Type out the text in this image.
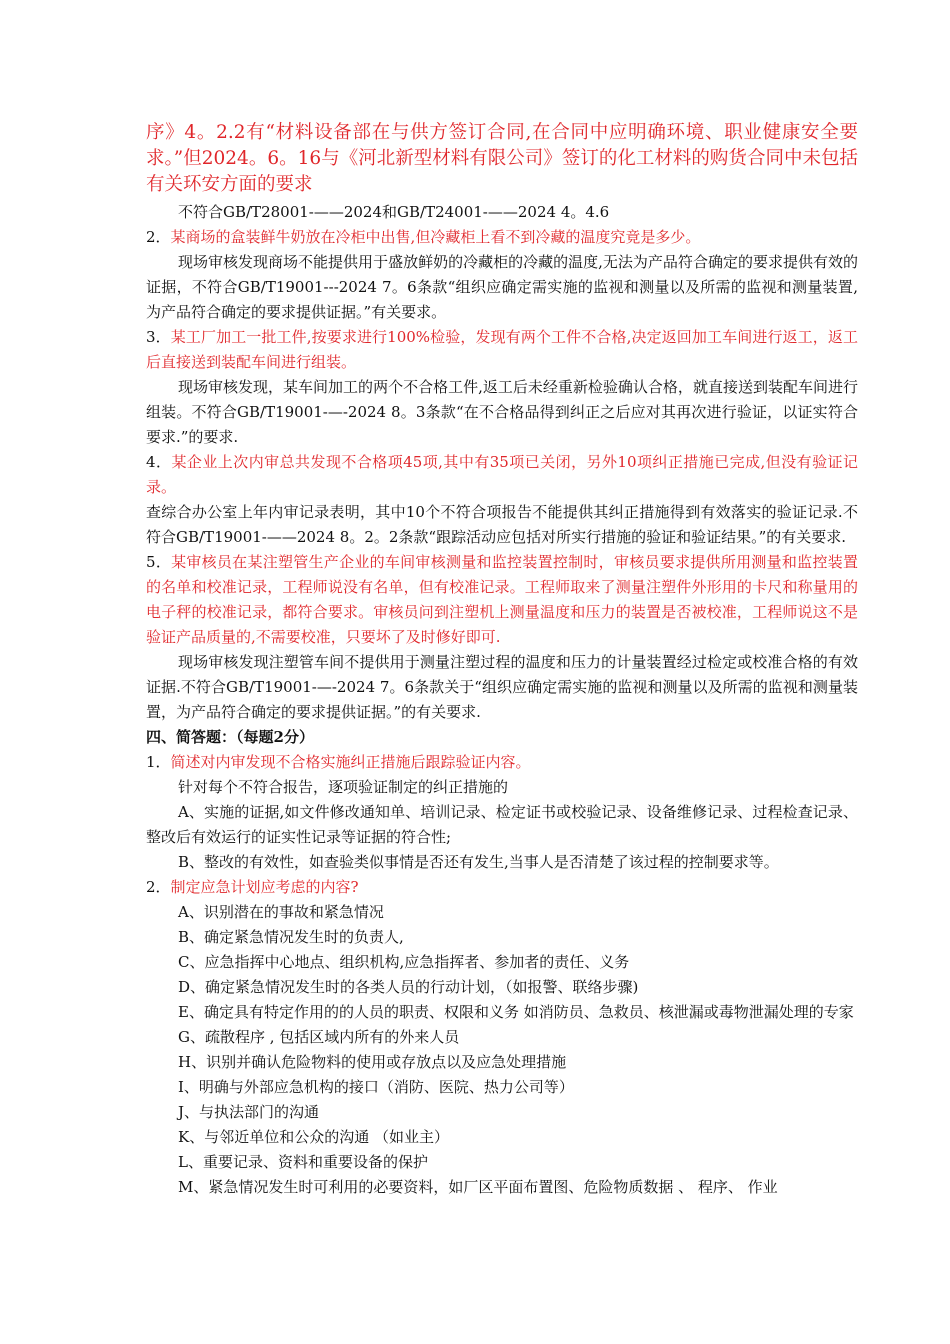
序》4。2.2有“材料设备部在与供方签订合同,在合同中应明确环境、职业健康安全要求。”但2024。6。16与《河北新型材料有限公司》签订的化工材料的购货合同中未包括有关环安方面的要求

不符合GB/T28001-——2024和GB/T24001-——2024 4。4.6

2．某商场的盒装鲜牛奶放在冷柜中出售,但冷藏柜上看不到冷藏的温度究竟是多少。

现场审核发现商场不能提供用于盛放鲜奶的冷藏柜的冷藏的温度,无法为产品符合确定的要求提供有效的证据，不符合GB/T19001---2024 7。6条款“组织应确定需实施的监视和测量以及所需的监视和测量装置,为产品符合确定的要求提供证据。”有关要求。

3．某工厂加工一批工件,按要求进行100%检验，发现有两个工件不合格,决定返回加工车间进行返工，返工后直接送到装配车间进行组装。

现场审核发现，某车间加工的两个不合格工件,返工后未经重新检验确认合格，就直接送到装配车间进行组装。不符合GB/T19001-—-2024 8。3条款“在不合格品得到纠正之后应对其再次进行验证，以证实符合要求.”的要求.

4．某企业上次内审总共发现不合格项45项,其中有35项已关闭，另外10项纠正措施已完成,但没有验证记录。

查综合办公室上年内审记录表明，其中10个不符合项报告不能提供其纠正措施得到有效落实的验证记录.不符合GB/T19001-——2024 8。2。2条款“跟踪活动应包括对所实行措施的验证和验证结果。”的有关要求.

5．某审核员在某注塑管生产企业的车间审核测量和监控装置控制时，审核员要求提供所用测量和监控装置的名单和校准记录，工程师说没有名单，但有校准记录。工程师取来了测量注塑件外形用的卡尺和称量用的电子秤的校准记录，都符合要求。审核员问到注塑机上测量温度和压力的装置是否被校准，工程师说这不是验证产品质量的,不需要校准，只要坏了及时修好即可.

现场审核发现注塑管车间不提供用于测量注塑过程的温度和压力的计量装置经过检定或校准合格的有效证据.不符合GB/T19001-—-2024 7。6条款关于“组织应确定需实施的监视和测量以及所需的监视和测量装置，为产品符合确定的要求提供证据。”的有关要求.

四、简答题：（每题2分）

1．简述对内审发现不合格实施纠正措施后跟踪验证内容。

针对每个不符合报告，逐项验证制定的纠正措施的

A、实施的证据,如文件修改通知单、培训记录、检定证书或校验记录、设备维修记录、过程检查记录、整改后有效运行的证实性记录等证据的符合性;

B、整改的有效性，如查验类似事情是否还有发生,当事人是否清楚了该过程的控制要求等。

2．制定应急计划应考虑的内容?

A、识别潜在的事故和紧急情况

B、确定紧急情况发生时的负责人,

C、应急指挥中心地点、组织机构,应急指挥者、参加者的责任、义务

D、确定紧急情况发生时的各类人员的行动计划，（如报警、联络步骤)

E、确定具有特定作用的的人员的职责、权限和义务 如消防员、急救员、核泄漏或毒物泄漏处理的专家

G、疏散程序 , 包括区域内所有的外来人员

H、识别并确认危险物料的使用或存放点以及应急处理措施

I、明确与外部应急机构的接口（消防、医院、热力公司等）

J、与执法部门的沟通

K、与邻近单位和公众的沟通 （如业主）

L、重要记录、资料和重要设备的保护

M、紧急情况发生时可利用的必要资料，如厂区平面布置图、危险物质数据 、 程序、 作业
